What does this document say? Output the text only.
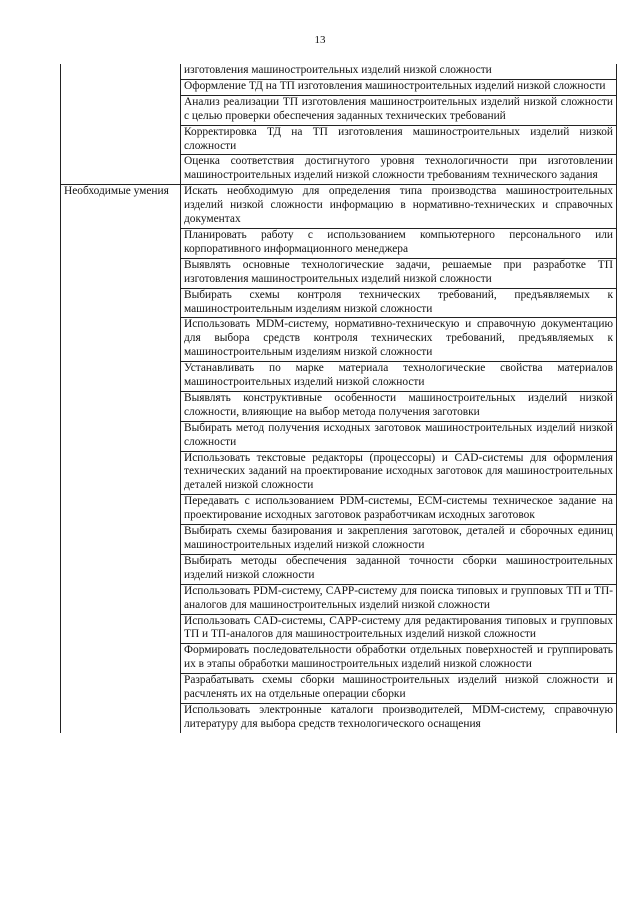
13
	изготовления машиностроительных изделий низкой сложности
	Оформление ТД на ТП изготовления машиностроительных изделий низкой сложности
	Анализ реализации ТП изготовления машиностроительных изделий низкой сложности с целью проверки обеспечения заданных технических требований
	Корректировка ТД на ТП изготовления машиностроительных изделий низкой сложности
	Оценка соответствия достигнутого уровня технологичности при изготовлении машиностроительных изделий низкой сложности требованиям технического задания
Необходимые умения	Искать необходимую для определения типа производства машиностроительных изделий низкой сложности информацию в нормативно-технических и справочных документах
	Планировать работу с использованием компьютерного персонального или корпоративного информационного менеджера
	Выявлять основные технологические задачи, решаемые при разработке ТП изготовления машиностроительных изделий низкой сложности
	Выбирать схемы контроля технических требований, предъявляемых к машиностроительным изделиям низкой сложности
	Использовать MDM-систему, нормативно-техническую и справочную документацию для выбора средств контроля технических требований, предъявляемых к машиностроительным изделиям низкой сложности
	Устанавливать по марке материала технологические свойства материалов машиностроительных изделий низкой сложности
	Выявлять конструктивные особенности машиностроительных изделий низкой сложности, влияющие на выбор метода получения заготовки
	Выбирать метод получения исходных заготовок машиностроительных изделий низкой сложности
	Использовать текстовые редакторы (процессоры) и CAD-системы для оформления технических заданий на проектирование исходных заготовок для машиностроительных деталей низкой сложности
	Передавать с использованием PDM-системы, ECM-системы техническое задание на проектирование исходных заготовок разработчикам исходных заготовок
	Выбирать схемы базирования и закрепления заготовок, деталей и сборочных единиц машиностроительных изделий низкой сложности
	Выбирать методы обеспечения заданной точности сборки машиностроительных изделий низкой сложности
	Использовать PDM-систему, CAPP-систему для поиска типовых и групповых ТП и ТП-аналогов для машиностроительных изделий низкой сложности
	Использовать CAD-системы, CAPP-систему для редактирования типовых и групповых ТП и ТП-аналогов для машиностроительных изделий низкой сложности
	Формировать последовательности обработки отдельных поверхностей и группировать их в этапы обработки машиностроительных изделий низкой сложности
	Разрабатывать схемы сборки машиностроительных изделий низкой сложности и расчленять их на отдельные операции сборки
	Использовать электронные каталоги производителей, MDM-систему, справочную литературу для выбора средств технологического оснащения
